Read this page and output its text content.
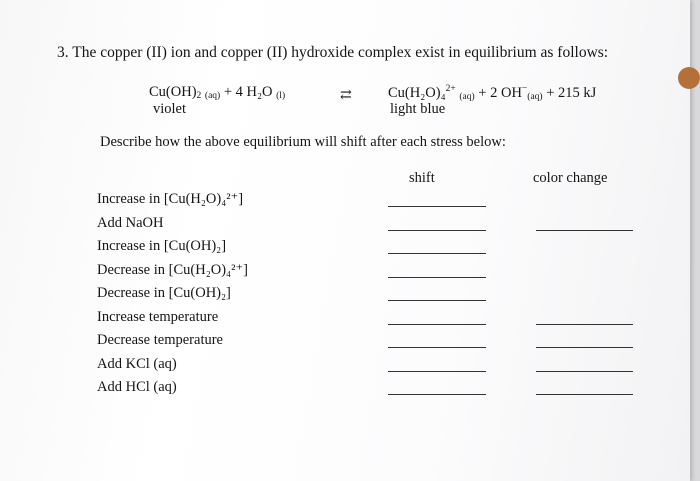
3. The copper (II) ion and copper (II) hydroxide complex exist in equilibrium as follows:
Cu(OH)2 (aq) + 4 H₂O (l)
violet
⇄	Cu(H₂O)₄$^{2+}$ (aq) + 2 OH−(aq) + 215 kJ
light blue
Describe how the above equilibrium will shift after each stress below:
shift	color change
Increase in [Cu(H₂O)₄²⁺]
Add NaOH
Increase in [Cu(OH)₂]
Decrease in [Cu(H₂O)₄²⁺]
Decrease in [Cu(OH)₂]
Increase temperature
Decrease temperature
Add KCl (aq)
Add HCl (aq)
